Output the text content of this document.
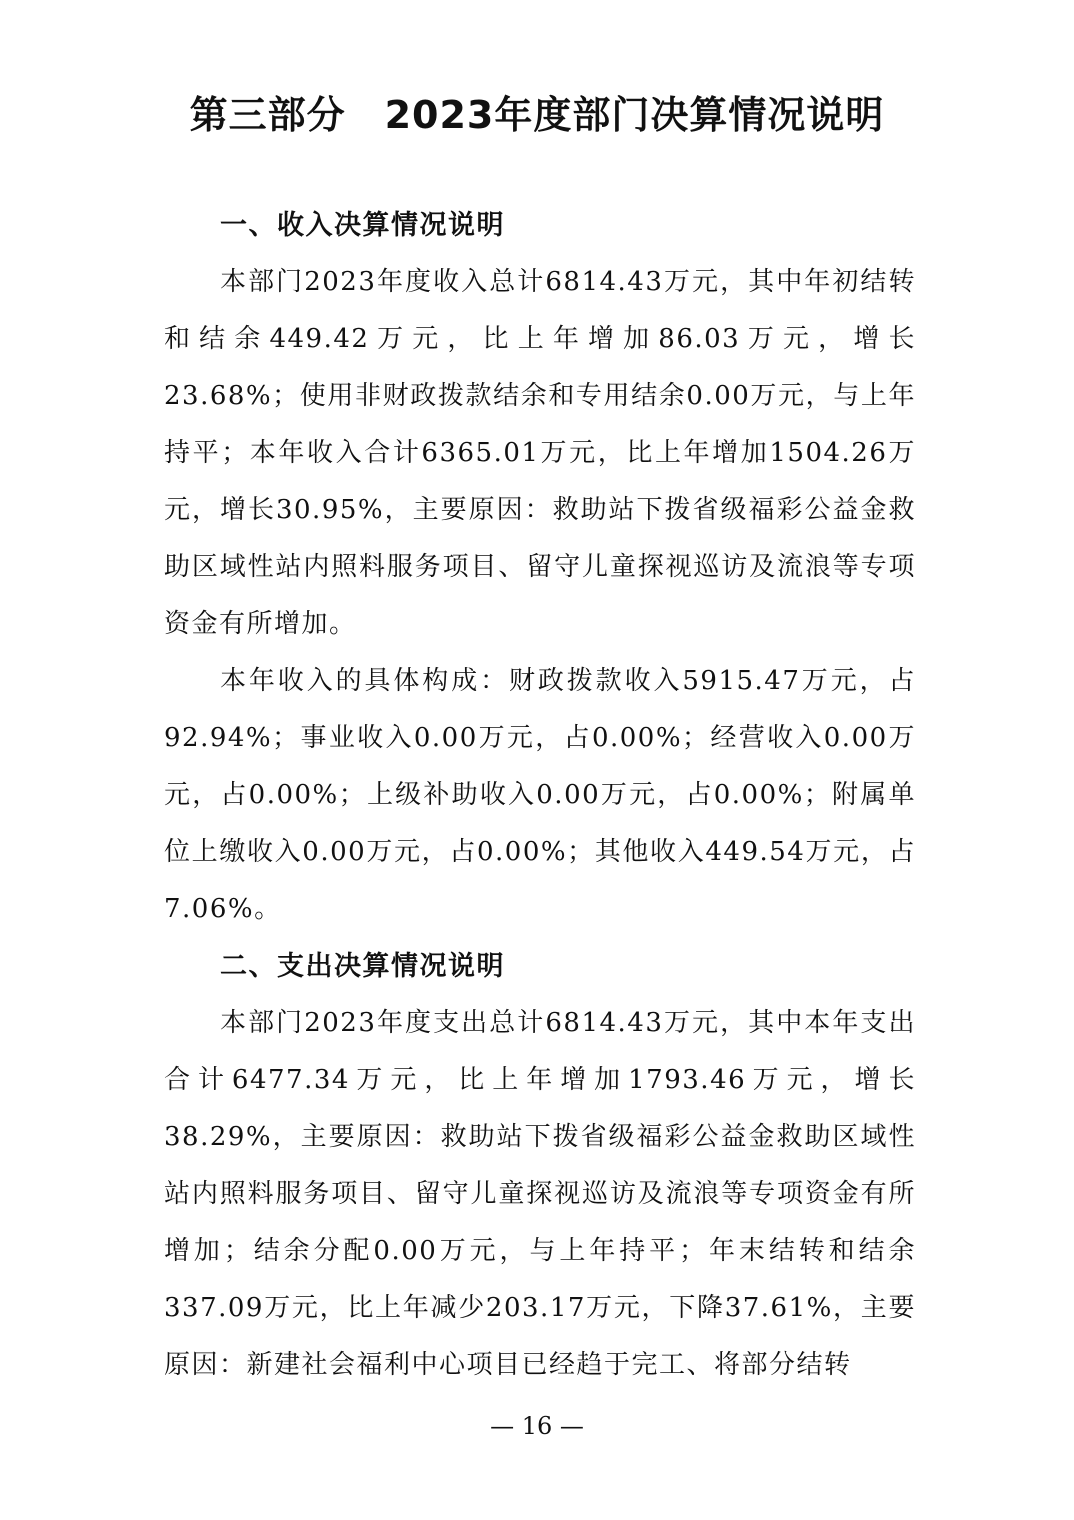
第三部分　2023年度部门决算情况说明
一、收入决算情况说明

本部门2023年度收入总计6814.43万元，其中年初结转和结余449.42万元，比上年增加86.03万元，增长23.68%；使用非财政拨款结余和专用结余0.00万元，与上年持平；本年收入合计6365.01万元，比上年增加1504.26万元，增长30.95%，主要原因：救助站下拨省级福彩公益金救助区域性站内照料服务项目、留守儿童探视巡访及流浪等专项资金有所增加。

本年收入的具体构成：财政拨款收入5915.47万元，占92.94%；事业收入0.00万元，占0.00%；经营收入0.00万元，占0.00%；上级补助收入0.00万元，占0.00%；附属单位上缴收入0.00万元，占0.00%；其他收入449.54万元，占7.06%。

二、支出决算情况说明

本部门2023年度支出总计6814.43万元，其中本年支出合计6477.34万元，比上年增加1793.46万元，增长38.29%，主要原因：救助站下拨省级福彩公益金救助区域性站内照料服务项目、留守儿童探视巡访及流浪等专项资金有所增加；结余分配0.00万元，与上年持平；年末结转和结余337.09万元，比上年减少203.17万元，下降37.61%，主要原因：新建社会福利中心项目已经趋于完工、将部分结转

— 16 —
